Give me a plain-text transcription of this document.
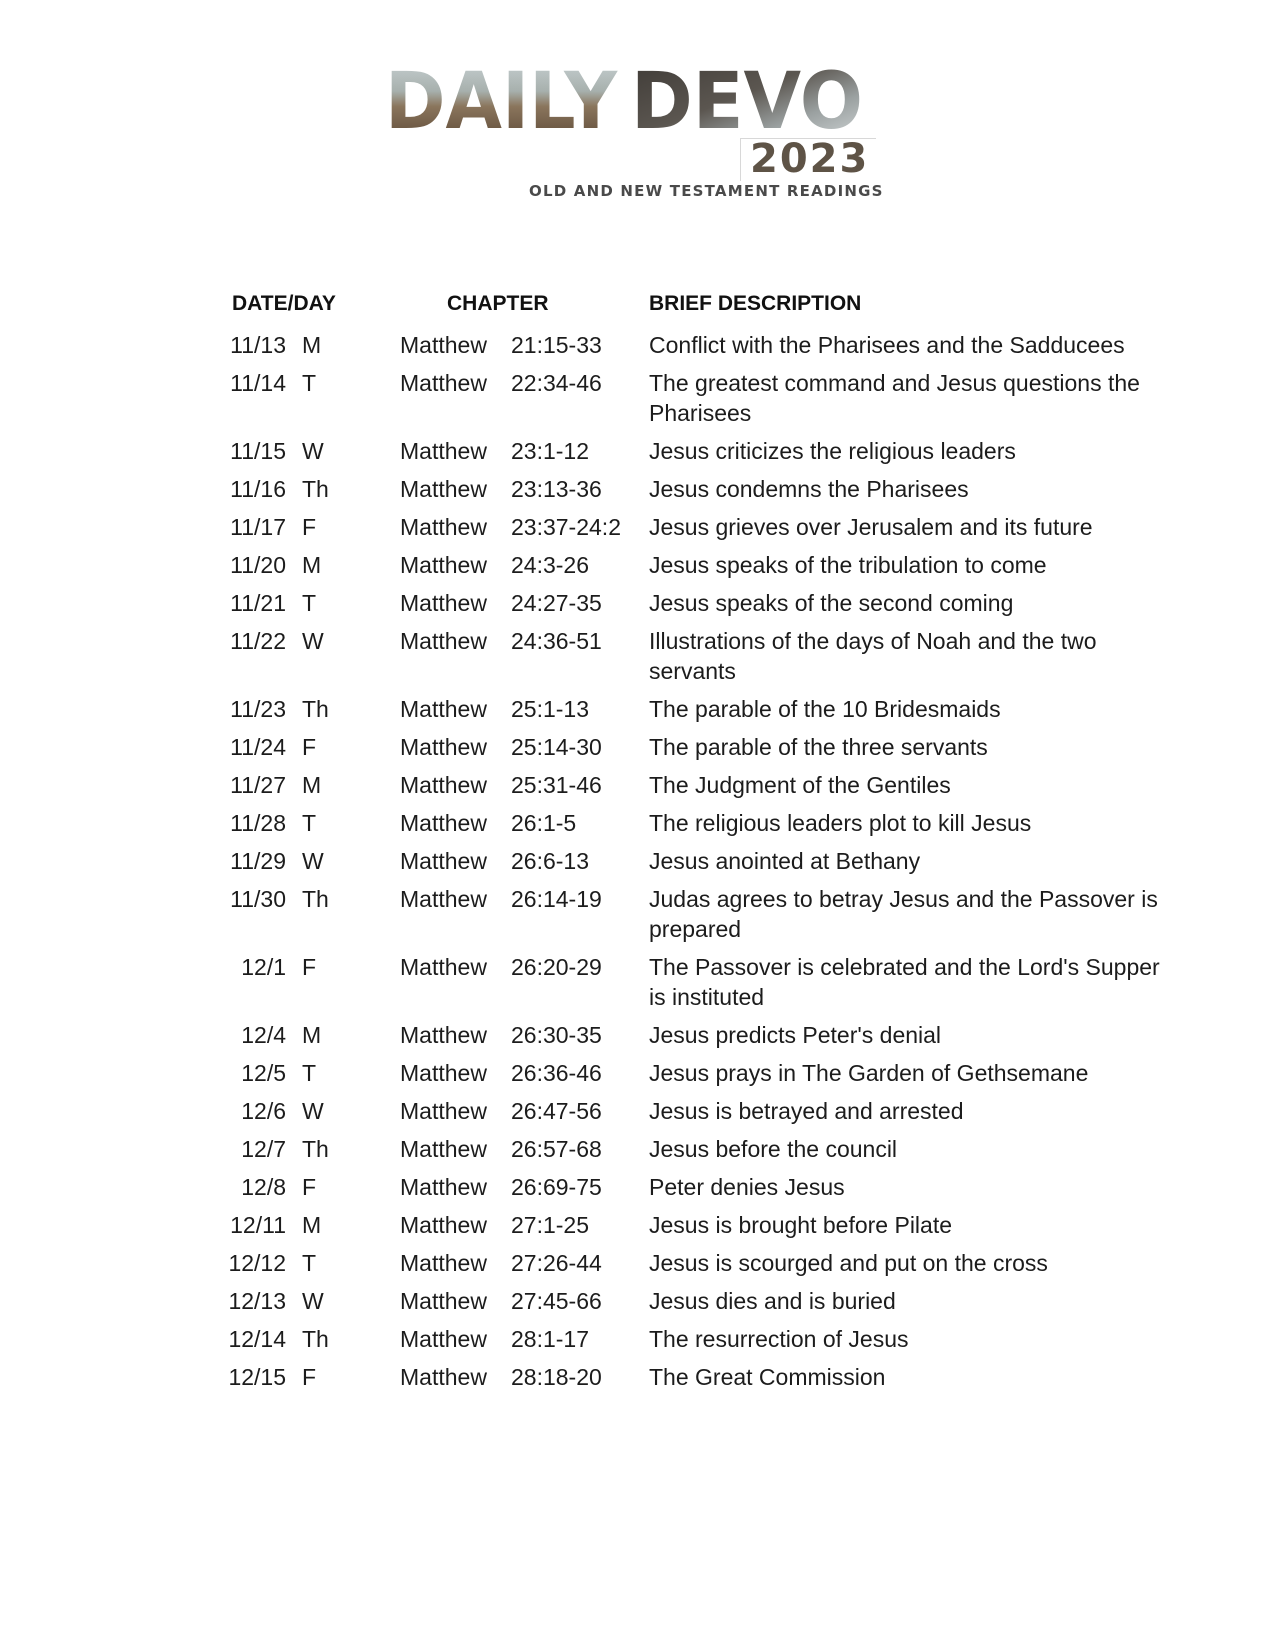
DAILY DEVO
2023
OLD AND NEW TESTAMENT READINGS
DATE/DAY	CHAPTER	BRIEF DESCRIPTION
11/13 M	Matthew 21:15-33 Conflict with the Pharisees and the Sadducees
11/14 T	Matthew 22:34-46 The greatest command and Jesus questions the Pharisees
11/15 W	Matthew 23:1-12	Jesus criticizes the religious leaders
11/16 Th	Matthew 23:13-36 Jesus condemns the Pharisees
11/17 F	Matthew 23:37-24:2 Jesus grieves over Jerusalem and its future
11/20 M	Matthew 24:3-26	Jesus speaks of the tribulation to come
11/21 T	Matthew 24:27-35 Jesus speaks of the second coming
11/22 W	Matthew 24:36-51 Illustrations of the days of Noah and the two servants
11/23 Th	Matthew 25:1-13	The parable of the 10 Bridesmaids
11/24 F	Matthew 25:14-30 The parable of the three servants
11/27 M	Matthew 25:31-46 The Judgment of the Gentiles
11/28 T	Matthew 26:1-5	The religious leaders plot to kill Jesus
11/29 W	Matthew 26:6-13	Jesus anointed at Bethany
11/30 Th	Matthew 26:14-19 Judas agrees to betray Jesus and the Passover is prepared
12/1 F	Matthew 26:20-29 The Passover is celebrated and the Lord's Supper is instituted
12/4 M	Matthew 26:30-35 Jesus predicts Peter's denial
12/5 T	Matthew 26:36-46 Jesus prays in The Garden of Gethsemane
12/6 W	Matthew 26:47-56 Jesus is betrayed and arrested
12/7 Th	Matthew 26:57-68 Jesus before the council
12/8 F	Matthew 26:69-75 Peter denies Jesus
12/11 M	Matthew 27:1-25	Jesus is brought before Pilate
12/12 T	Matthew 27:26-44 Jesus is scourged and put on the cross
12/13 W	Matthew 27:45-66 Jesus dies and is buried
12/14 Th	Matthew 28:1-17	The resurrection of Jesus
12/15 F	Matthew 28:18-20 The Great Commission
